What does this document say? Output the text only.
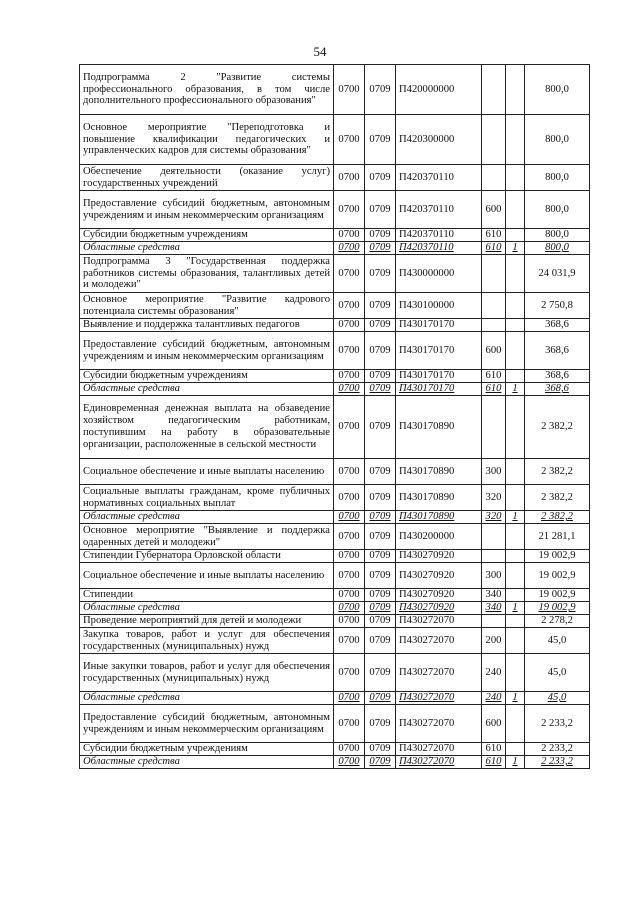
54
Подпрограмма 2 "Развитие системы профессионального образования, в том числе дополнительного профессионального образования"	0700	0709	П420000000			800,0
Основное мероприятие "Переподготовка и повышение квалификации педагогических и управленческих кадров для системы образования"	0700	0709	П420300000			800,0
Обеспечение деятельности (оказание услуг) государственных учреждений	0700	0709	П420370110			800,0
Предоставление субсидий бюджетным, автономным учреждениям и иным некоммерческим организациям	0700	0709	П420370110	600		800,0
Субсидии бюджетным учреждениям	0700	0709	П420370110	610		800,0
Областные средства	0700	0709	П420370110	610	1	800,0
Подпрограмма 3 "Государственная поддержка работников системы образования, талантливых детей и молодежи"	0700	0709	П430000000			24 031,9
Основное мероприятие "Развитие кадрового потенциала системы образования"	0700	0709	П430100000			2 750,8
Выявление и поддержка талантливых педагогов	0700	0709	П430170170			368,6
Предоставление субсидий бюджетным, автономным учреждениям и иным некоммерческим организациям	0700	0709	П430170170	600		368,6
Субсидии бюджетным учреждениям	0700	0709	П430170170	610		368,6
Областные средства	0700	0709	П430170170	610	1	368,6
Единовременная денежная выплата на обзаведение хозяйством педагогическим работникам, поступившим на работу в образовательные организации, расположенные в сельской местности	0700	0709	П430170890			2 382,2
Социальное обеспечение и иные выплаты населению	0700	0709	П430170890	300		2 382,2
Социальные выплаты гражданам, кроме публичных нормативных социальных выплат	0700	0709	П430170890	320		2 382,2
Областные средства	0700	0709	П430170890	320	1	2 382,2
Основное мероприятие "Выявление и поддержка одаренных детей и молодежи"	0700	0709	П430200000			21 281,1
Стипендии Губернатора Орловской области	0700	0709	П430270920			19 002,9
Социальное обеспечение и иные выплаты населению	0700	0709	П430270920	300		19 002,9
Стипендии	0700	0709	П430270920	340		19 002,9
Областные средства	0700	0709	П430270920	340	1	19 002,9
Проведение мероприятий для детей и молодежи	0700	0709	П430272070			2 278,2
Закупка товаров, работ и услуг для обеспечения государственных (муниципальных) нужд	0700	0709	П430272070	200		45,0
Иные закупки товаров, работ и услуг для обеспечения государственных (муниципальных) нужд	0700	0709	П430272070	240		45,0
Областные средства	0700	0709	П430272070	240	1	45,0
Предоставление субсидий бюджетным, автономным учреждениям и иным некоммерческим организациям	0700	0709	П430272070	600		2 233,2
Субсидии бюджетным учреждениям	0700	0709	П430272070	610		2 233,2
Областные средства	0700	0709	П430272070	610	1	2 233,2
